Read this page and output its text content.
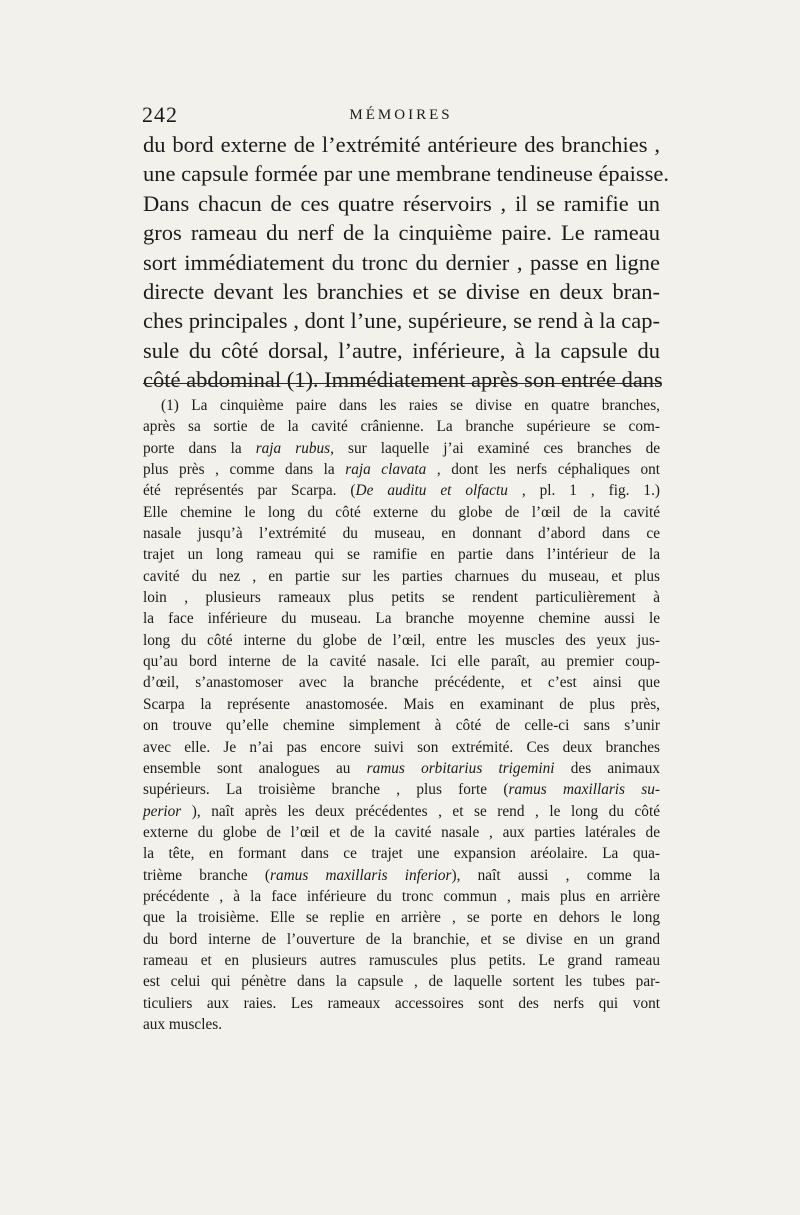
242	MÉMOIRES
du bord externe de l’extrémité antérieure des branchies ,
une capsule formée par une membrane tendineuse épaisse.
Dans chacun de ces quatre réservoirs , il se ramifie un
gros rameau du nerf de la cinquième paire. Le rameau
sort immédiatement du tronc du dernier , passe en ligne
directe devant les branchies et se divise en deux bran-
ches principales , dont l’une, supérieure, se rend à la cap-
sule du côté dorsal, l’autre, inférieure, à la capsule du
côté abdominal (1). Immédiatement après son entrée dans
(1) La cinquième paire dans les raies se divise en quatre branches,
après sa sortie de la cavité crânienne. La branche supérieure se com-
porte dans la raja rubus, sur laquelle j’ai examiné ces branches de
plus près , comme dans la raja clavata , dont les nerfs céphaliques ont
été représentés par Scarpa. (De auditu et olfactu , pl. 1 , fig. 1.)
Elle chemine le long du côté externe du globe de l’œil de la cavité
nasale jusqu’à l’extrémité du museau, en donnant d’abord dans ce
trajet un long rameau qui se ramifie en partie dans l’intérieur de la
cavité du nez , en partie sur les parties charnues du museau, et plus
loin , plusieurs rameaux plus petits se rendent particulièrement à
la face inférieure du museau. La branche moyenne chemine aussi le
long du côté interne du globe de l’œil, entre les muscles des yeux jus-
qu’au bord interne de la cavité nasale. Ici elle paraît, au premier coup-
d’œil, s’anastomoser avec la branche précédente, et c’est ainsi que
Scarpa la représente anastomosée. Mais en examinant de plus près,
on trouve qu’elle chemine simplement à côté de celle-ci sans s’unir
avec elle. Je n’ai pas encore suivi son extrémité. Ces deux branches
ensemble sont analogues au ramus orbitarius trigemini des animaux
supérieurs. La troisième branche , plus forte (ramus maxillaris su-
perior ), naît après les deux précédentes , et se rend , le long du côté
externe du globe de l’œil et de la cavité nasale , aux parties latérales de
la tête, en formant dans ce trajet une expansion aréolaire. La qua-
trième branche (ramus maxillaris inferior), naît aussi , comme la
précédente , à la face inférieure du tronc commun , mais plus en arrière
que la troisième. Elle se replie en arrière , se porte en dehors le long
du bord interne de l’ouverture de la branchie, et se divise en un grand
rameau et en plusieurs autres ramuscules plus petits. Le grand rameau
est celui qui pénètre dans la capsule , de laquelle sortent les tubes par-
ticuliers aux raies. Les rameaux accessoires sont des nerfs qui vont
aux muscles.
